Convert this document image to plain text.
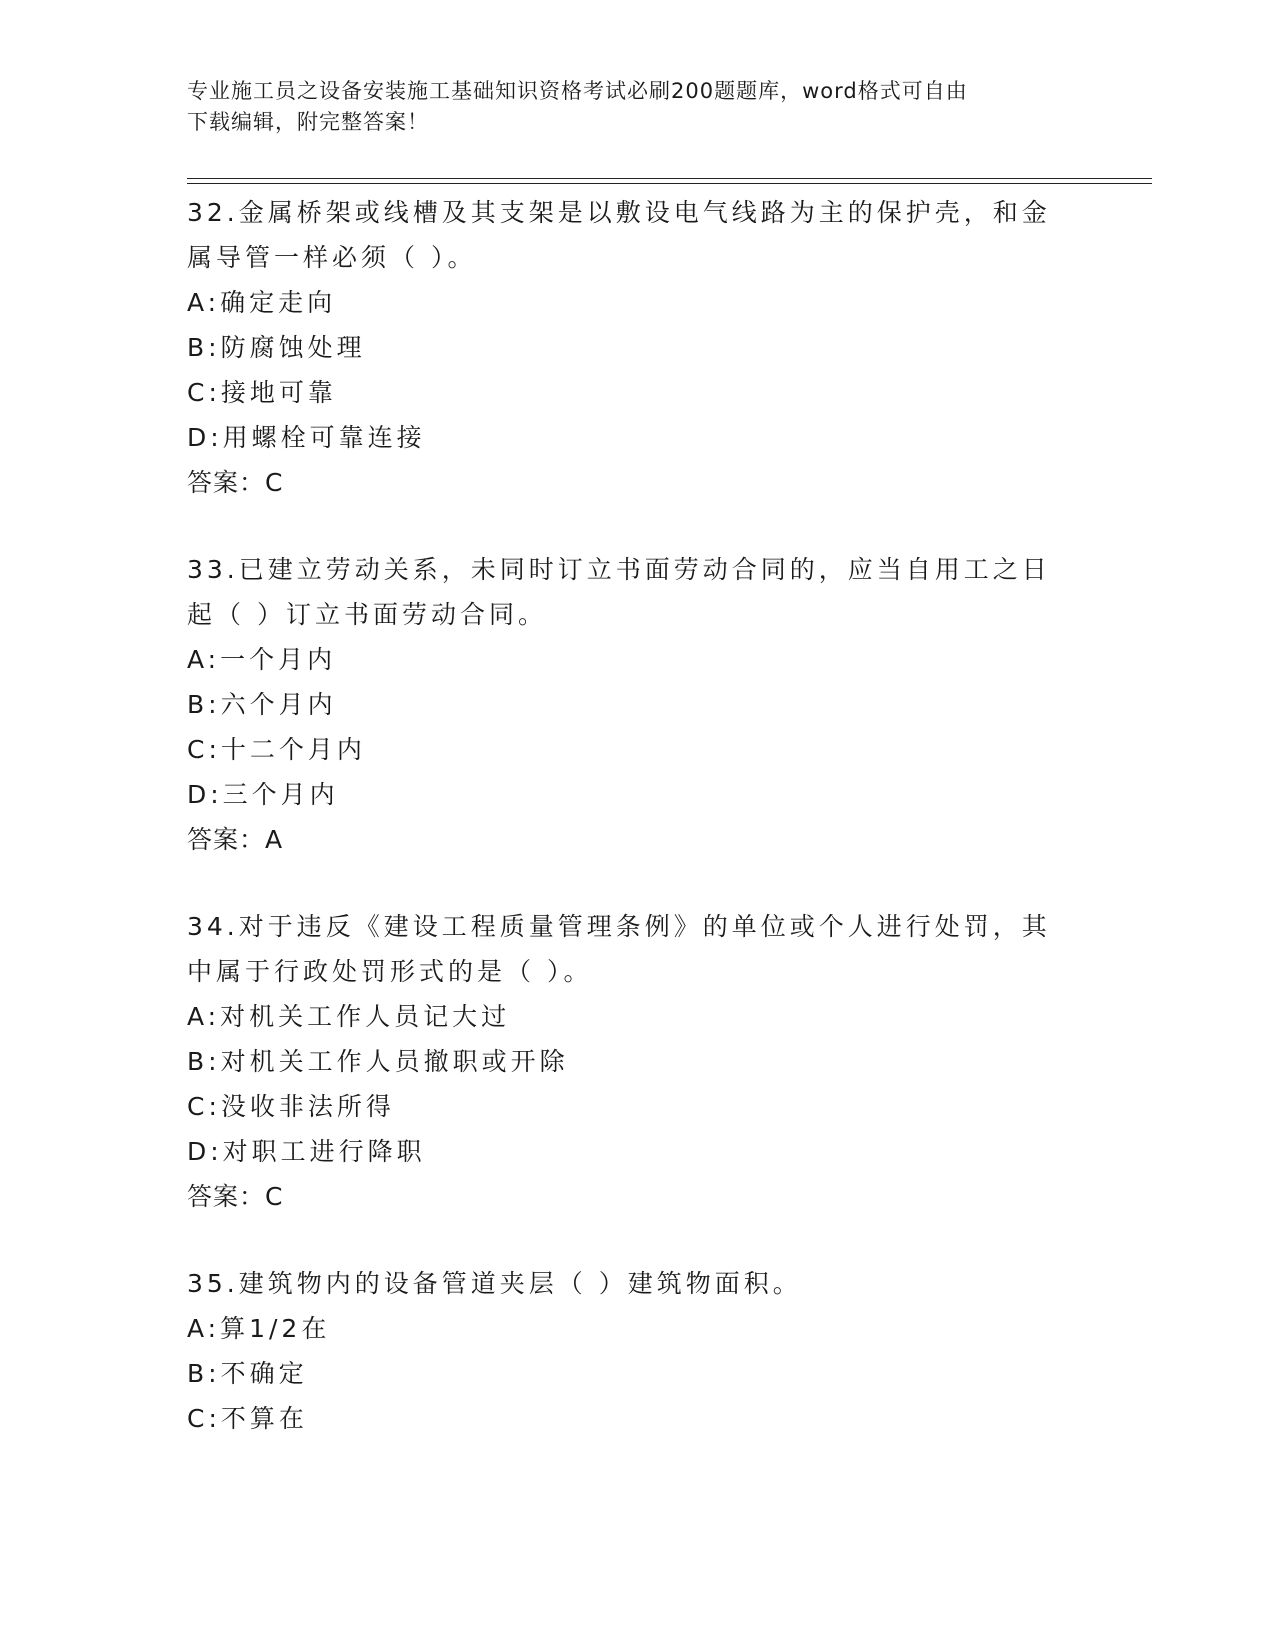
专业施工员之设备安装施工基础知识资格考试必刷200题题库，word格式可自由
下载编辑，附完整答案！
32.金属桥架或线槽及其支架是以敷设电气线路为主的保护壳，和金属导管一样必须（ ）。
A:确定走向
B:防腐蚀处理
C:接地可靠
D:用螺栓可靠连接
答案：C
33.已建立劳动关系，未同时订立书面劳动合同的，应当自用工之日起（ ）订立书面劳动合同。
A:一个月内
B:六个月内
C:十二个月内
D:三个月内
答案：A
34.对于违反《建设工程质量管理条例》的单位或个人进行处罚，其中属于行政处罚形式的是（ ）。
A:对机关工作人员记大过
B:对机关工作人员撤职或开除
C:没收非法所得
D:对职工进行降职
答案：C
35.建筑物内的设备管道夹层（ ）建筑物面积。
A:算1/2在
B:不确定
C:不算在
